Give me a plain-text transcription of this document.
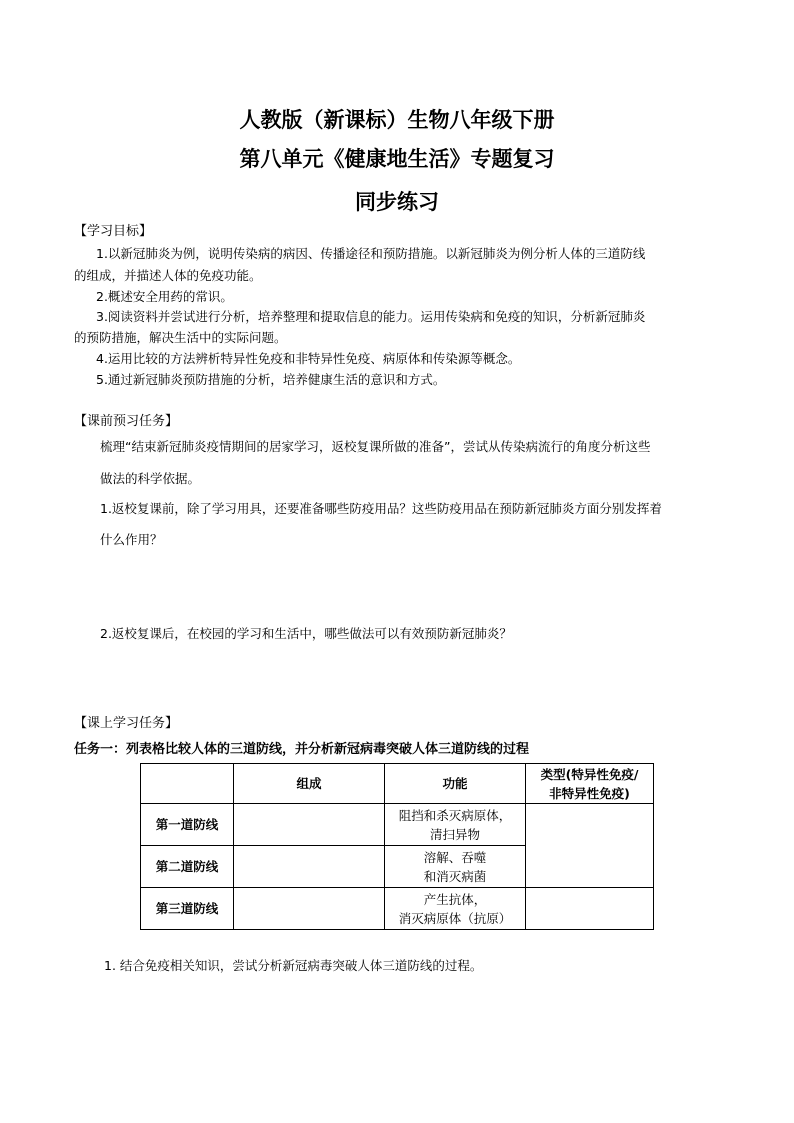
人教版（新课标）生物八年级下册
第八单元《健康地生活》专题复习
同步练习
【学习目标】
1.以新冠肺炎为例，说明传染病的病因、传播途径和预防措施。以新冠肺炎为例分析人体的三道防线
的组成，并描述人体的免疫功能。
2.概述安全用药的常识。
3.阅读资料并尝试进行分析，培养整理和提取信息的能力。运用传染病和免疫的知识，分析新冠肺炎
的预防措施，解决生活中的实际问题。
4.运用比较的方法辨析特异性免疫和非特异性免疫、病原体和传染源等概念。
5.通过新冠肺炎预防措施的分析，培养健康生活的意识和方式。
【课前预习任务】
梳理“结束新冠肺炎疫情期间的居家学习，返校复课所做的准备”，尝试从传染病流行的角度分析这些
做法的科学依据。
1.返校复课前，除了学习用具，还要准备哪些防疫用品？这些防疫用品在预防新冠肺炎方面分别发挥着
什么作用？
2.返校复课后，在校园的学习和生活中，哪些做法可以有效预防新冠肺炎？
【课上学习任务】
任务一：列表格比较人体的三道防线，并分析新冠病毒突破人体三道防线的过程
	组成	功能	类型(特异性免疫/
非特异性免疫)

第一道防线		阻挡和杀灭病原体，
清扫异物	

第二道防线		溶解、吞噬
和消灭病菌	

第三道防线		产生抗体，
消灭病原体（抗原）	

1. 结合免疫相关知识，尝试分析新冠病毒突破人体三道防线的过程。
